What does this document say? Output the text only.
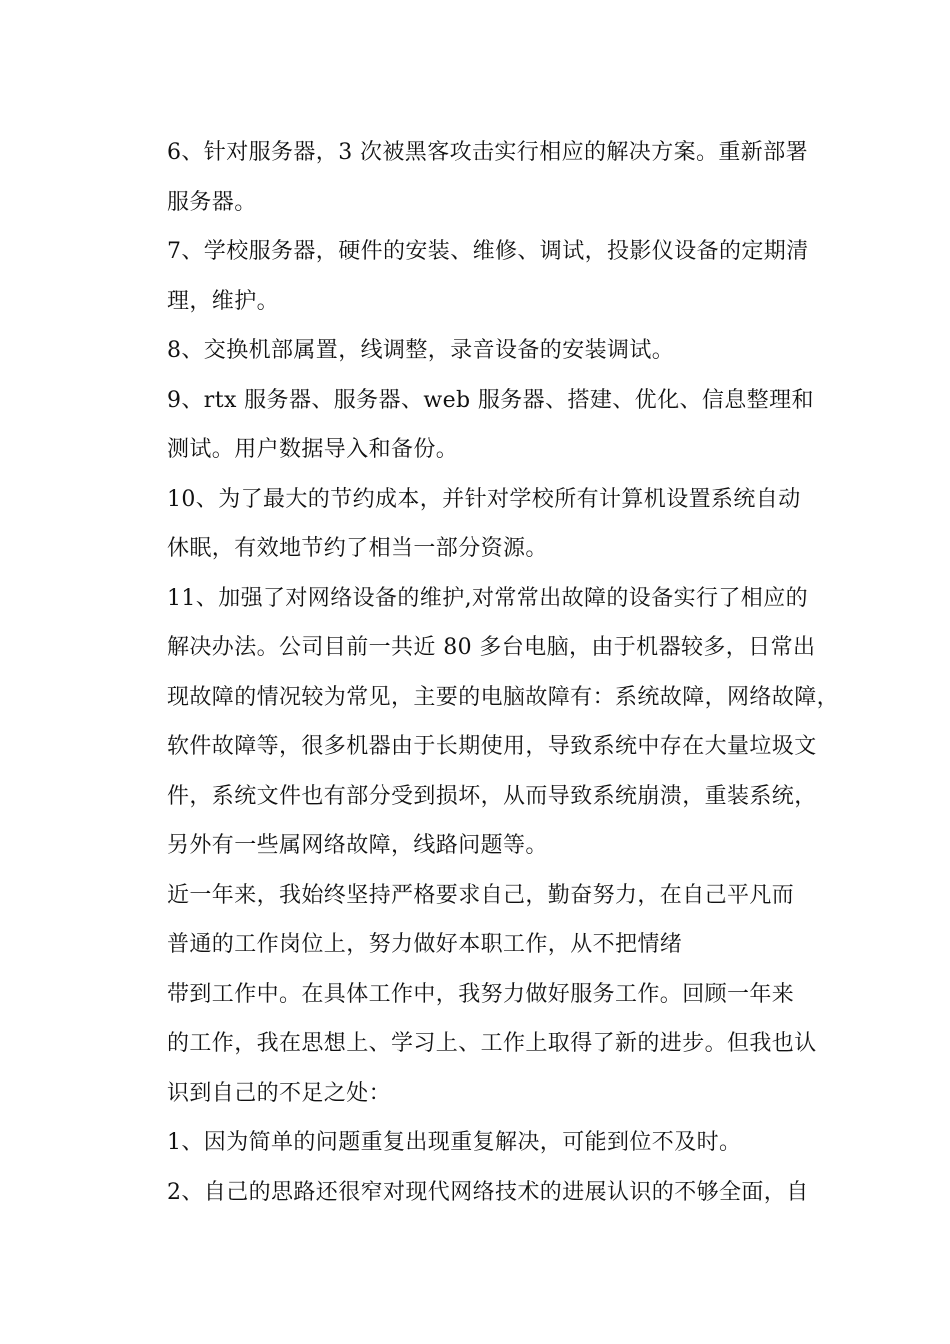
6、针对服务器，3 次被黑客攻击实行相应的解决方案。重新部署
服务器。

7、学校服务器，硬件的安装、维修、调试，投影仪设备的定期清
理，维护。

8、交换机部属置，线调整，录音设备的安装调试。

9、rtx 服务器、服务器、web 服务器、搭建、优化、信息整理和
测试。用户数据导入和备份。

10、为了最大的节约成本，并针对学校所有计算机设置系统自动
休眠，有效地节约了相当一部分资源。

11、加强了对网络设备的维护,对常常出故障的设备实行了相应的
解决办法。公司目前一共近 80 多台电脑，由于机器较多，日常出
现故障的情况较为常见，主要的电脑故障有：系统故障，网络故障，
软件故障等，很多机器由于长期使用，导致系统中存在大量垃圾文
件，系统文件也有部分受到损坏，从而导致系统崩溃，重装系统，
另外有一些属网络故障，线路问题等。

近一年来，我始终坚持严格要求自己，勤奋努力，在自己平凡而
普通的工作岗位上，努力做好本职工作，从不把情绪

带到工作中。在具体工作中，我努力做好服务工作。回顾一年来
的工作，我在思想上、学习上、工作上取得了新的进步。但我也认
识到自己的不足之处：

1、因为简单的问题重复出现重复解决，可能到位不及时。

2、自己的思路还很窄对现代网络技术的进展认识的不够全面，自
